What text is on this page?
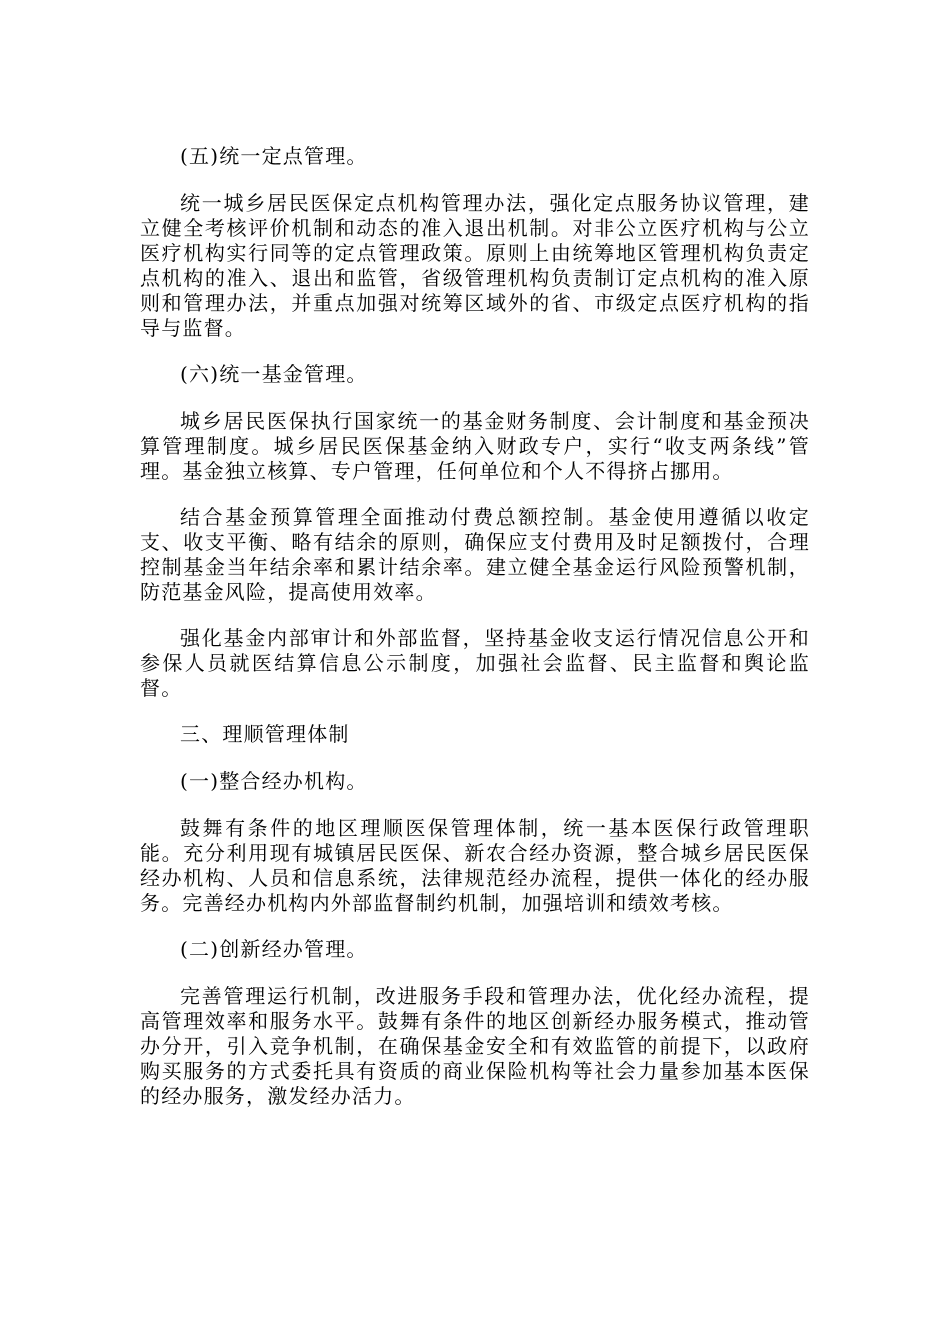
(五)统一定点管理。

统一城乡居民医保定点机构管理办法，强化定点服务协议管理，建立健全考核评价机制和动态的准入退出机制。对非公立医疗机构与公立医疗机构实行同等的定点管理政策。原则上由统筹地区管理机构负责定点机构的准入、退出和监管，省级管理机构负责制订定点机构的准入原则和管理办法，并重点加强对统筹区域外的省、市级定点医疗机构的指导与监督。

(六)统一基金管理。

城乡居民医保执行国家统一的基金财务制度、会计制度和基金预决算管理制度。城乡居民医保基金纳入财政专户，实行“收支两条线”管理。基金独立核算、专户管理，任何单位和个人不得挤占挪用。

结合基金预算管理全面推动付费总额控制。基金使用遵循以收定支、收支平衡、略有结余的原则，确保应支付费用及时足额拨付，合理控制基金当年结余率和累计结余率。建立健全基金运行风险预警机制，防范基金风险，提高使用效率。

强化基金内部审计和外部监督，坚持基金收支运行情况信息公开和参保人员就医结算信息公示制度，加强社会监督、民主监督和舆论监督。

三、理顺管理体制

(一)整合经办机构。

鼓舞有条件的地区理顺医保管理体制，统一基本医保行政管理职能。充分利用现有城镇居民医保、新农合经办资源，整合城乡居民医保经办机构、人员和信息系统，法律规范经办流程，提供一体化的经办服务。完善经办机构内外部监督制约机制，加强培训和绩效考核。

(二)创新经办管理。

完善管理运行机制，改进服务手段和管理办法，优化经办流程，提高管理效率和服务水平。鼓舞有条件的地区创新经办服务模式，推动管办分开，引入竞争机制，在确保基金安全和有效监管的前提下，以政府购买服务的方式委托具有资质的商业保险机构等社会力量参加基本医保的经办服务，激发经办活力。
